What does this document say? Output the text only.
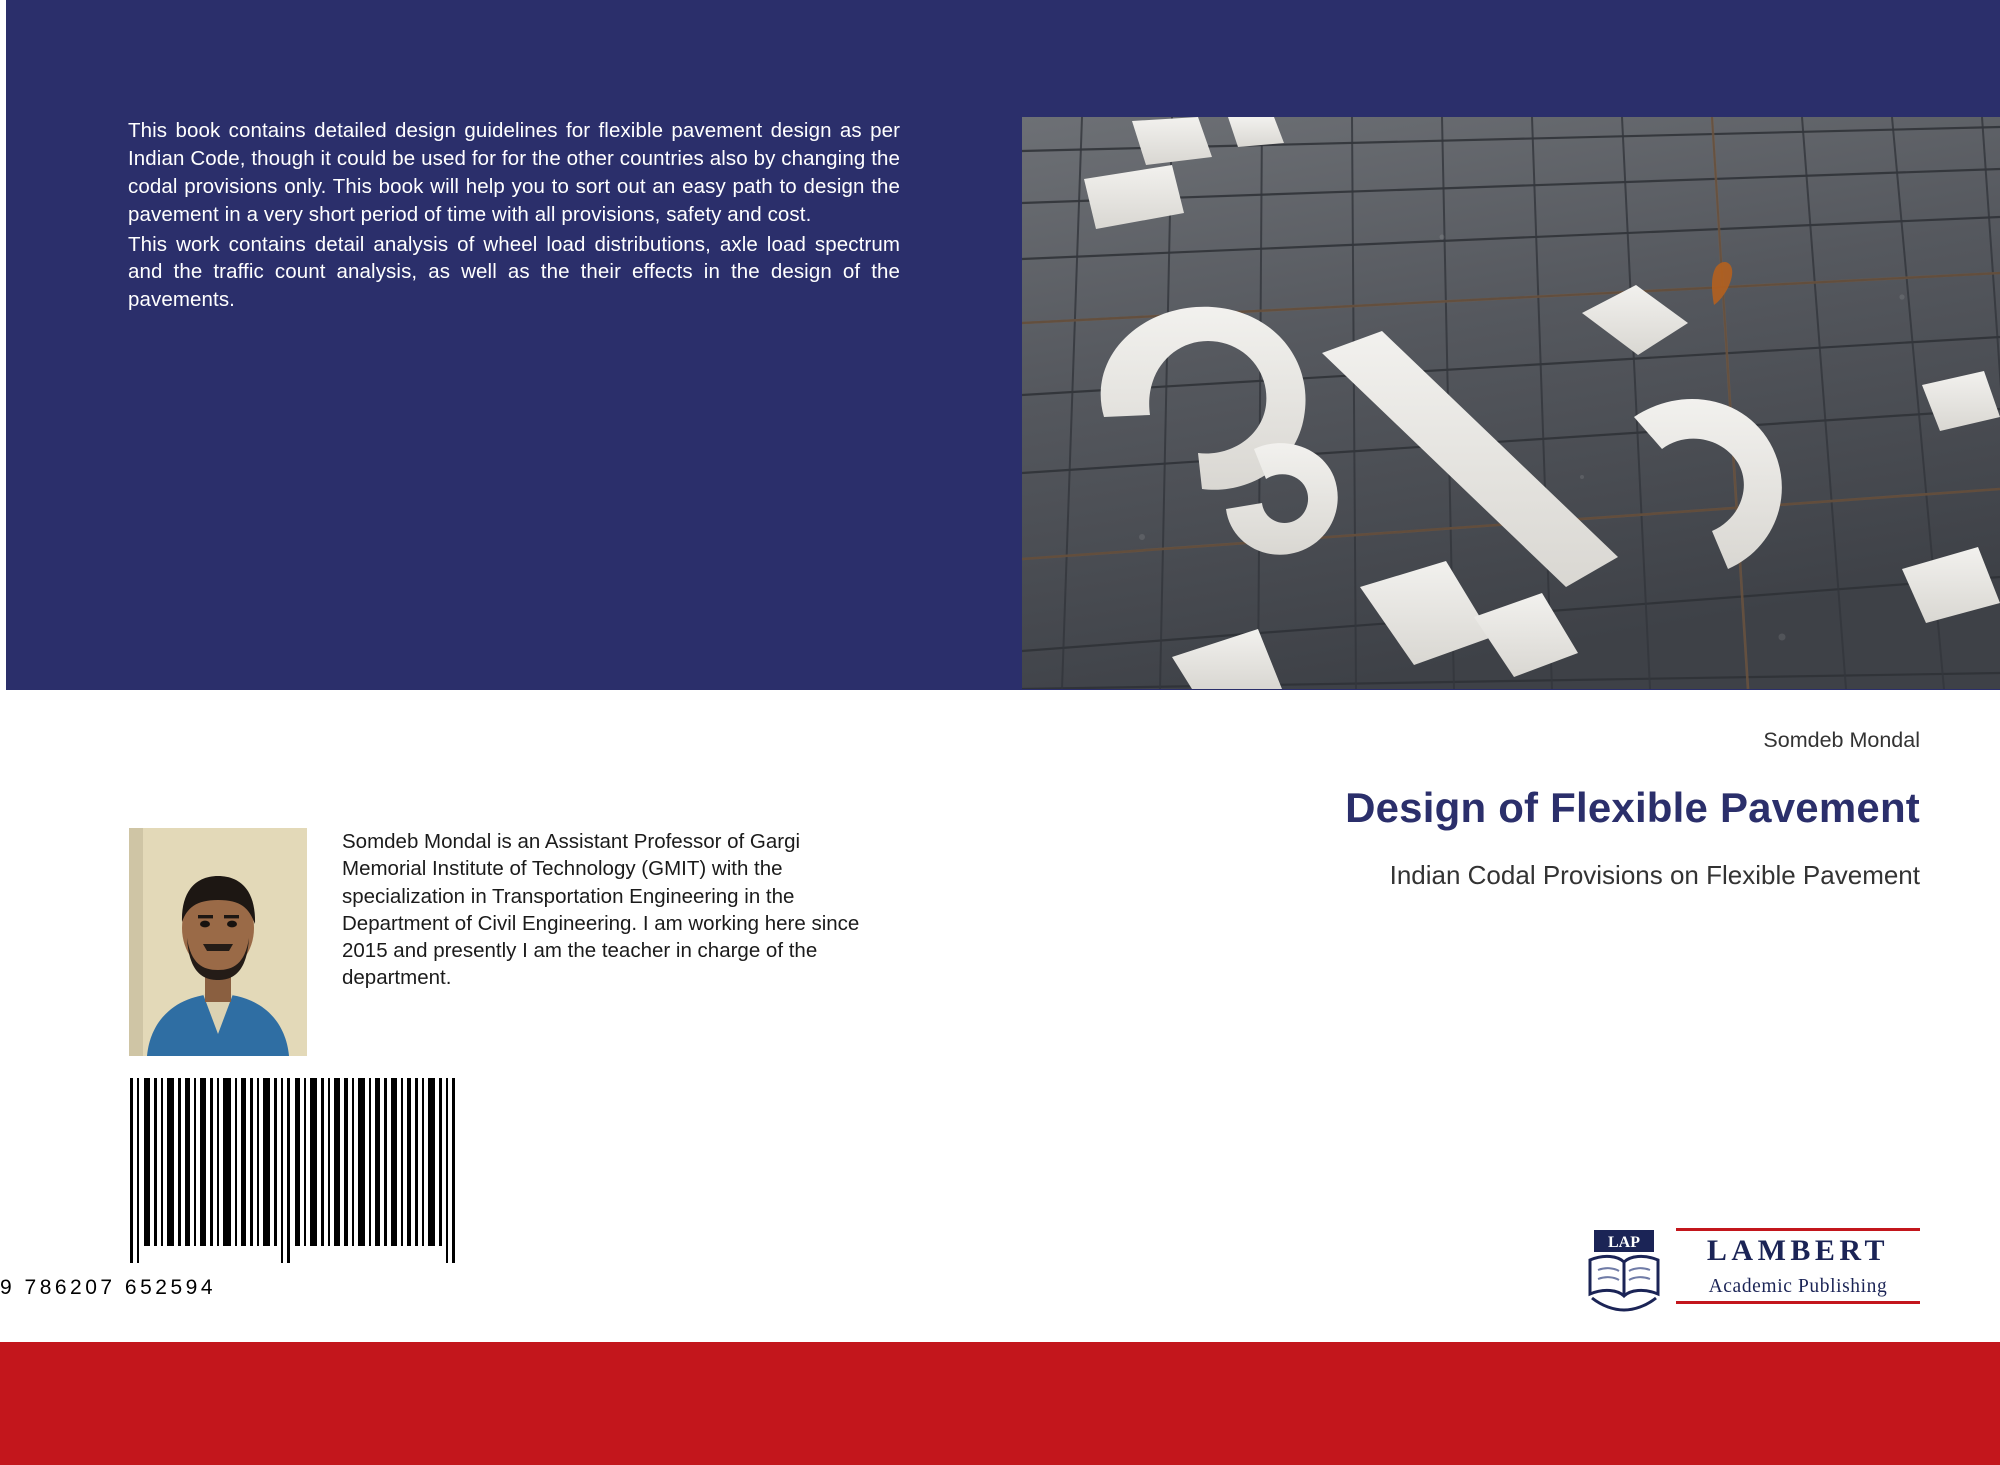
This book contains detailed design guidelines for flexible pavement design as per Indian Code, though it could be used for for the other countries also by changing the codal provisions only. This book will help you to sort out an easy path to design the pavement in a very short period of time with all provisions, safety and cost.

This work contains detail analysis of wheel load distributions, axle load spectrum and the traffic count analysis, as well as the their effects in the design of the pavements.

Somdeb Mondal is an Assistant Professor of Gargi Memorial Institute of Technology (GMIT) with the specialization in Transportation Engineering in the Department of Civil Engineering. I am working here since 2015 and presently I am the teacher in charge of the department.
9 786207 652594
Somdeb Mondal
Design of Flexible Pavement
Indian Codal Provisions on Flexible Pavement
LAP	LAMBERT
Academic Publishing
